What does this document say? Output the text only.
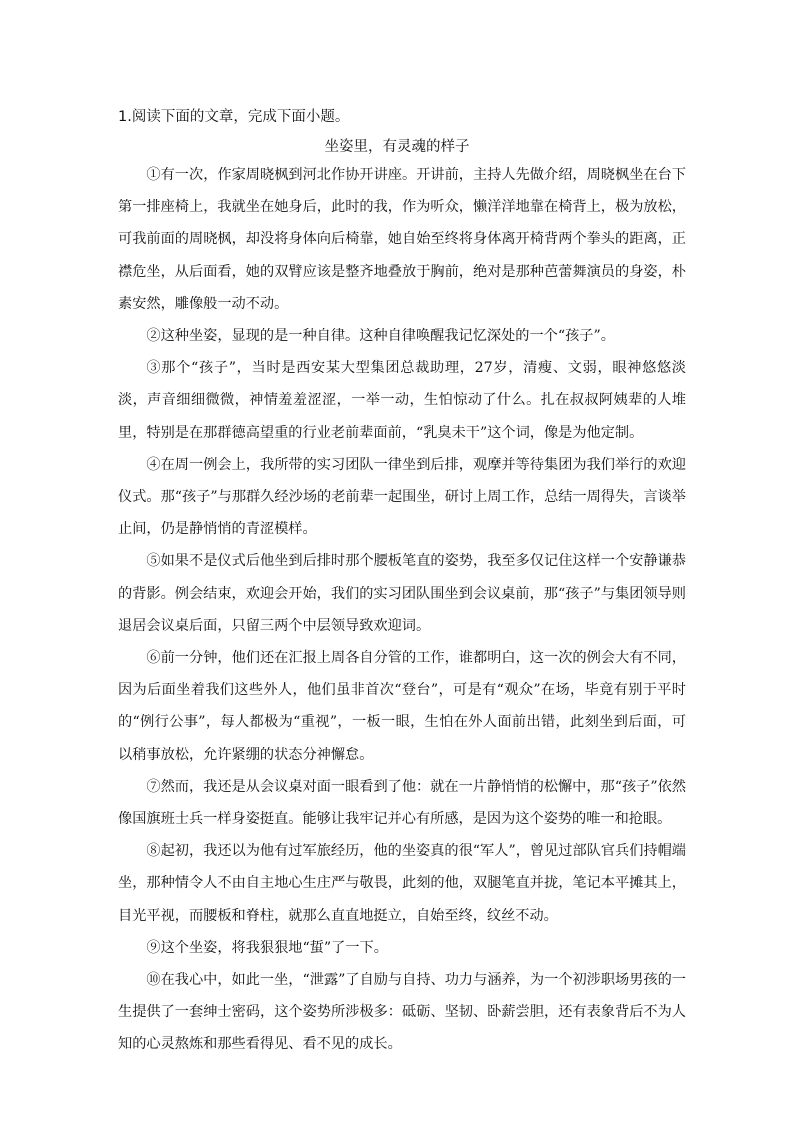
1.阅读下面的文章，完成下面小题。
坐姿里，有灵魂的样子

①有一次，作家周晓枫到河北作协开讲座。开讲前，主持人先做介绍，周晓枫坐在台下第一排座椅上，我就坐在她身后，此时的我，作为听众，懒洋洋地靠在椅背上，极为放松，可我前面的周晓枫，却没将身体向后椅靠，她自始至终将身体离开椅背两个拳头的距离，正襟危坐，从后面看，她的双臂应该是整齐地叠放于胸前，绝对是那种芭蕾舞演员的身姿，朴素安然，雕像般一动不动。

②这种坐姿，显现的是一种自律。这种自律唤醒我记忆深处的一个“孩子”。

③那个“孩子”，当时是西安某大型集团总裁助理，27岁，清瘦、文弱，眼神悠悠淡淡，声音细细微微，神情羞羞涩涩，一举一动，生怕惊动了什么。扎在叔叔阿姨辈的人堆里，特别是在那群德高望重的行业老前辈面前，“乳臭未干”这个词，像是为他定制。

④在周一例会上，我所带的实习团队一律坐到后排，观摩并等待集团为我们举行的欢迎仪式。那“孩子”与那群久经沙场的老前辈一起围坐，研讨上周工作，总结一周得失，言谈举止间，仍是静悄悄的青涩模样。

⑤如果不是仪式后他坐到后排时那个腰板笔直的姿势，我至多仅记住这样一个安静谦恭的背影。例会结束，欢迎会开始，我们的实习团队围坐到会议桌前，那“孩子”与集团领导则退居会议桌后面，只留三两个中层领导致欢迎词。

⑥前一分钟，他们还在汇报上周各自分管的工作，谁都明白，这一次的例会大有不同，因为后面坐着我们这些外人，他们虽非首次“登台”，可是有“观众”在场，毕竟有别于平时的“例行公事”，每人都极为“重视”，一板一眼，生怕在外人面前出错，此刻坐到后面，可以稍事放松，允许紧绷的状态分神懈怠。

⑦然而，我还是从会议桌对面一眼看到了他：就在一片静悄悄的松懈中，那“孩子”依然像国旗班士兵一样身姿挺直。能够让我牢记并心有所感，是因为这个姿势的唯一和抢眼。

⑧起初，我还以为他有过军旅经历，他的坐姿真的很“军人”，曾见过部队官兵们持帽端坐，那种情令人不由自主地心生庄严与敬畏，此刻的他，双腿笔直并拢，笔记本平摊其上，目光平视，而腰板和脊柱，就那么直直地挺立，自始至终，纹丝不动。

⑨这个坐姿，将我狠狠地“蜇”了一下。

⑩在我心中，如此一坐，“泄露”了自励与自持、功力与涵养，为一个初涉职场男孩的一生提供了一套绅士密码，这个姿势所涉极多：砥砺、坚韧、卧薪尝胆，还有表象背后不为人知的心灵熬炼和那些看得见、看不见的成长。
